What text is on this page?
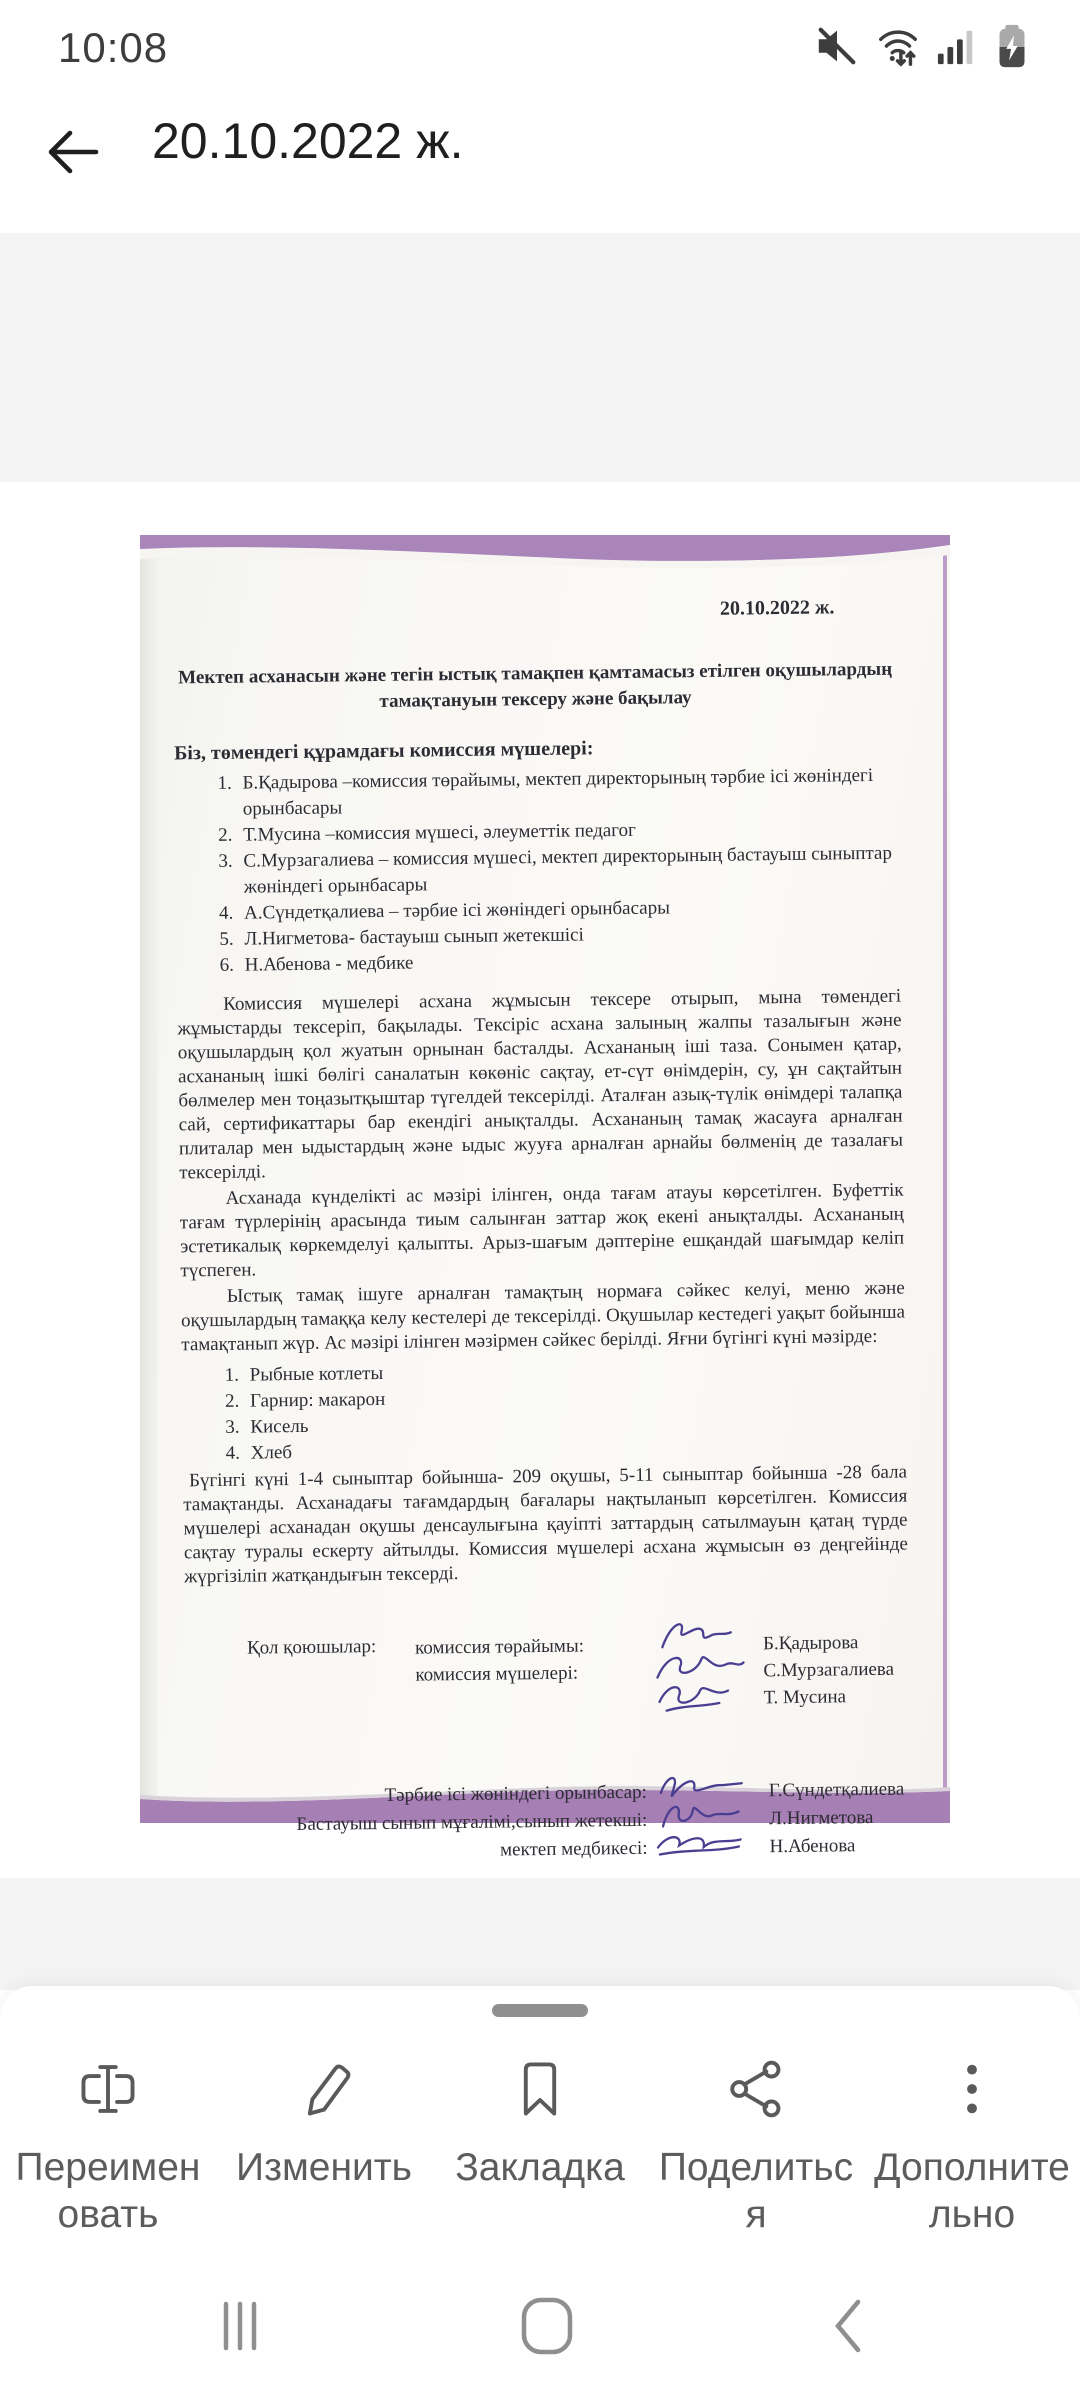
10:08
20.10.2022 ж.
20.10.2022 ж.
Мектеп асханасын және тегін ыстық тамақпен қамтамасыз етілген оқушылардың тамақтануын тексеру және бақылау
Біз, төмендегі құрамдағы комиссия мүшелері:
1. Б.Қадырова –комиссия төрайымы, мектеп директорының тәрбие ісі жөніндегі орынбасары
2. Т.Мусина –комиссия мүшесі, әлеуметтік педагог
3. С.Мурзагалиева – комиссия мүшесі, мектеп директорының бастауыш сыныптар жөніндегі орынбасары
4. А.Сүндетқалиева – тәрбие ісі жөніндегі орынбасары
5. Л.Нигметова- бастауыш сынып жетекшісі
6. Н.Абенова - медбике

Комиссия мүшелері асхана жұмысын тексере отырып, мына төмендегі жұмыстарды тексеріп, бақылады. Тексіріс асхана залының жалпы тазалығын және оқушылардың қол жуатын орнынан басталды. Асхананың іші таза. Сонымен қатар, асхананың ішкі бөлігі саналатын көкөніс сақтау, ет-сүт өнімдерін, су, ұн сақтайтын бөлмелер мен тоңазытқыштар түгелдей тексерілді. Аталған азық-түлік өнімдері талапқа сай, сертификаттары бар екендігі анықталды. Асхананың тамақ жасауға арналған плиталар мен ыдыстардың және ыдыс жууға арналған арнайы бөлменің де тазалағы тексерілді.

Асханада күнделікті ас мәзірі ілінген, онда тағам атауы көрсетілген. Буфеттік тағам түрлерінің арасында тиым салынған заттар жоқ екені анықталды. Асхананың эстетикалық көркемделуі қалыпты. Арыз-шағым дәптеріне ешқандай шағымдар келіп түспеген.

Ыстық тамақ ішуге арналған тамақтың нормаға сәйкес келуі, меню және оқушылардың тамаққа келу кестелері де тексерілді. Оқушылар кестедегі уақыт бойынша тамақтанып жүр. Ас мәзірі ілінген мәзірмен сәйкес берілді. Яғни бүгінгі күні мәзірде:

1. Рыбные котлеты
2. Гарнир: макарон
3. Кисель
4. Хлеб

Бүгінгі күні 1-4 сыныптар бойынша- 209 оқушы, 5-11 сыныптар бойынша -28 бала тамақтанды. Асханадағы тағамдардың бағалары нақтыланып көрсетілген. Комиссия мүшелері асханадан оқушы денсаулығына қауіпті заттардың сатылмауын қатаң түрде сақтау туралы ескерту айтылды. Комиссия мүшелері асхана жұмысын өз деңгейінде жүргізіліп жатқандығын тексерді.

Қол қоюшылар:	комиссия төрайымы:
комиссия мүшелері:
Б.Қадырова
С.Мурзагалиева
Т. Мусина
Тәрбие ісі жөніндегі орынбасар:
Бастауыш сынып мұғалімі,сынып жетекші:
мектеп медбикесі:
Г.Сүндетқалиева
Л.Нигметова
Н.Абенова
Переименовать
Изменить	Закладка Поделиться
Дополнительно
